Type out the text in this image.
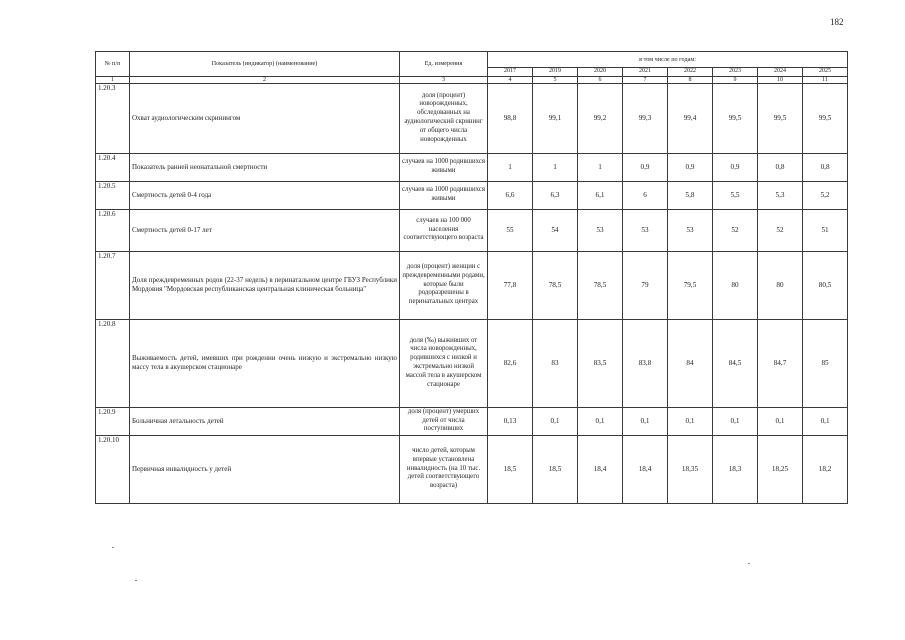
182
№ п/п	Показатель (индикатор) (наименование)	Ед. измерения	в том числе по годам:							
			2017	2019	2020	2021	2022	2023	2024	2025
1	2	3	4	5	6	7	8	9	10	11
1.20.3	Охват аудиологическим скринингом	доля (процент) новорожденных, обследованных на аудиологический скрининг от общего числа новорожденных	98,8	99,1	99,2	99,3	99,4	99,5	99,5	99,5
1.20.4	Показатель ранней неонатальной смертности	случаев на 1000 родившихся живыми	1	1	1	0,9	0,9	0,9	0,8	0,8
1.20.5	Смертность детей 0-4 года	случаев на 1000 родившихся живыми	6,6	6,3	6,1	6	5,8	5,5	5,3	5,2
1.20.6	Смертность детей 0-17 лет	случаев на 100 000 населения соответствующего возраста	55	54	53	53	53	52	52	51
1.20.7	Доля преждевременных родов (22-37 недель) в перинатальном центре ГБУЗ Республики Мордовия "Мордовская республиканская центральная клиническая больница"	доля (процент) женщин с преждевременными родами, которые были родоразрешены в перинатальных центрах	77,8	78,5	78,5	79	79,5	80	80	80,5
1.20.8	Выживаемость детей, имевших при рождении очень низкую и экстремально низкую массу тела в акушерском стационаре	доля (‰) выживших от числа новорожденных, родившихся с низкой и экстремально низкой массой тела в акушерском стационаре	82,6	83	83,5	83,8	84	84,5	84,7	85
1.20.9	Больничная летальность детей	доля (процент) умерших детей от числа поступивших	0,13	0,1	0,1	0,1	0,1	0,1	0,1	0,1
1.20.10	Первичная инвалидность у детей	число детей, которым впервые установлена инвалидность (на 10 тыс. детей соответствующего возраста)	18,5	18,5	18,4	18,4	18,35	18,3	18,25	18,2
